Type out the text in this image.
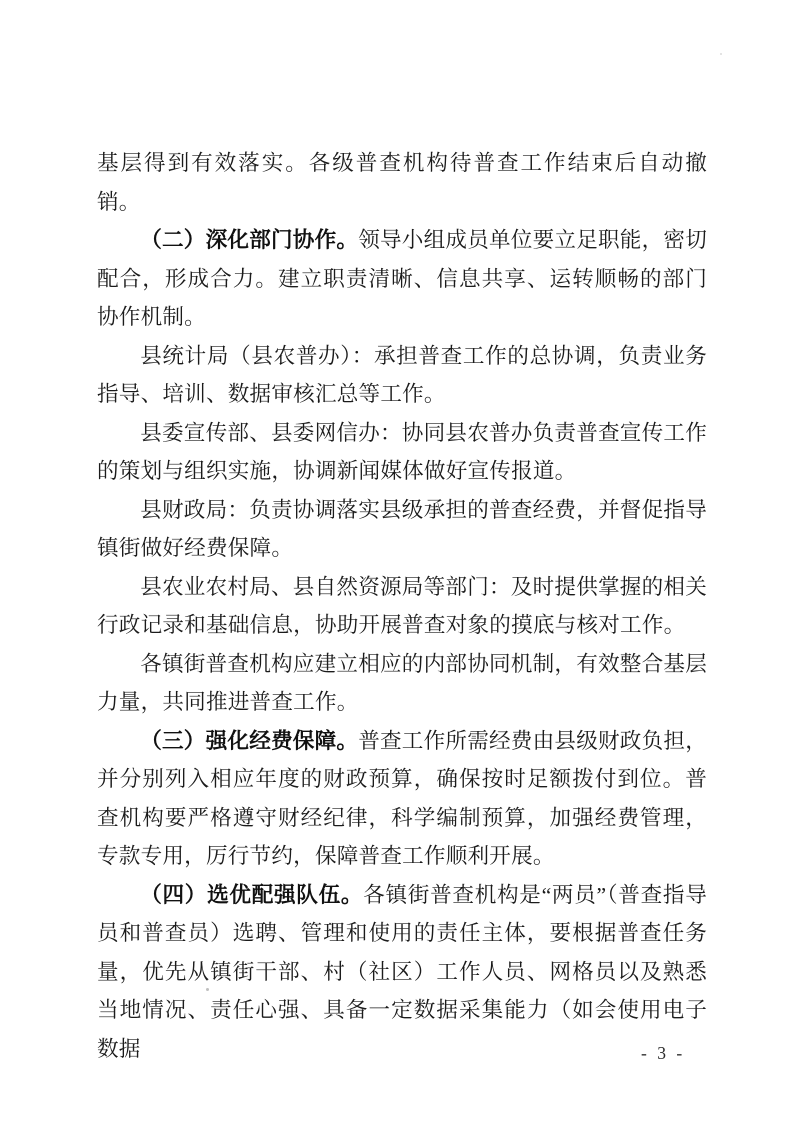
基层得到有效落实。各级普查机构待普查工作结束后自动撤销。

（二）深化部门协作。领导小组成员单位要立足职能，密切配合，形成合力。建立职责清晰、信息共享、运转顺畅的部门协作机制。

县统计局（县农普办）：承担普查工作的总协调，负责业务指导、培训、数据审核汇总等工作。

县委宣传部、县委网信办：协同县农普办负责普查宣传工作的策划与组织实施，协调新闻媒体做好宣传报道。

县财政局：负责协调落实县级承担的普查经费，并督促指导镇街做好经费保障。

县农业农村局、县自然资源局等部门：及时提供掌握的相关行政记录和基础信息，协助开展普查对象的摸底与核对工作。

各镇街普查机构应建立相应的内部协同机制，有效整合基层力量，共同推进普查工作。

（三）强化经费保障。普查工作所需经费由县级财政负担，并分别列入相应年度的财政预算，确保按时足额拨付到位。普查机构要严格遵守财经纪律，科学编制预算，加强经费管理，专款专用，厉行节约，保障普查工作顺利开展。

（四）选优配强队伍。各镇街普查机构是“两员”（普查指导员和普查员）选聘、管理和使用的责任主体，要根据普查任务量，优先从镇街干部、村（社区）工作人员、网格员以及熟悉当地情况、责任心强、具备一定数据采集能力（如会使用电子数据	- 3 -
